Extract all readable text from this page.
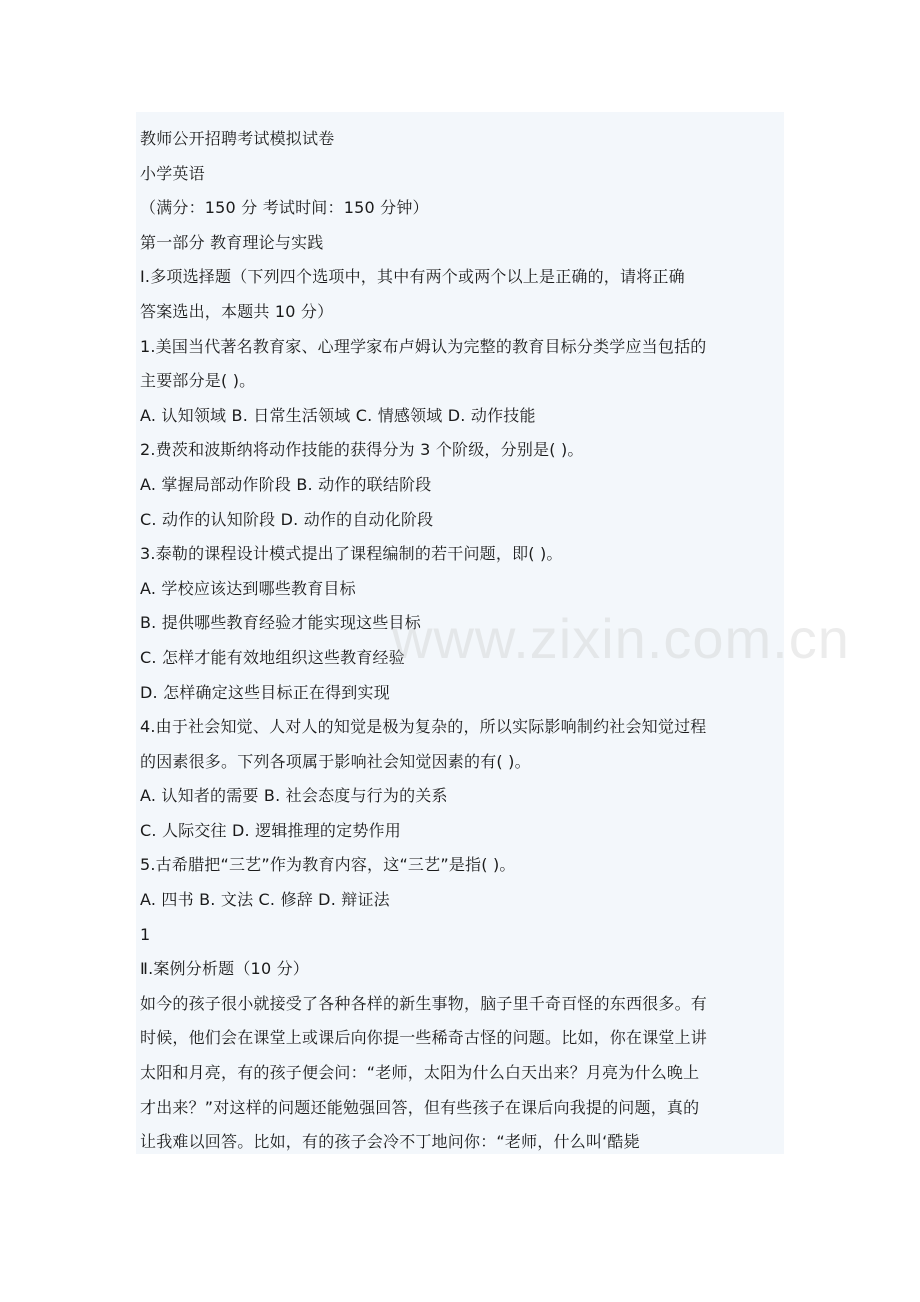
教师公开招聘考试模拟试卷
小学英语
（满分：150 分 考试时间：150 分钟）
第一部分 教育理论与实践
Ⅰ.多项选择题（下列四个选项中，其中有两个或两个以上是正确的，请将正确
答案选出，本题共 10 分）
1.美国当代著名教育家、心理学家布卢姆认为完整的教育目标分类学应当包括的
主要部分是( )。
A. 认知领域 B. 日常生活领域 C. 情感领域 D. 动作技能
2.费茨和波斯纳将动作技能的获得分为 3 个阶级，分别是( )。
A. 掌握局部动作阶段 B. 动作的联结阶段
C. 动作的认知阶段 D. 动作的自动化阶段
3.泰勒的课程设计模式提出了课程编制的若干问题，即( )。
A. 学校应该达到哪些教育目标
B. 提供哪些教育经验才能实现这些目标
C. 怎样才能有效地组织这些教育经验
D. 怎样确定这些目标正在得到实现
4.由于社会知觉、人对人的知觉是极为复杂的，所以实际影响制约社会知觉过程
的因素很多。下列各项属于影响社会知觉因素的有( )。
A. 认知者的需要 B. 社会态度与行为的关系
C. 人际交往 D. 逻辑推理的定势作用
5.古希腊把“三艺”作为教育内容，这“三艺”是指( )。
A. 四书 B. 文法 C. 修辞 D. 辩证法
1
Ⅱ.案例分析题（10 分）
如今的孩子很小就接受了各种各样的新生事物，脑子里千奇百怪的东西很多。有
时候，他们会在课堂上或课后向你提一些稀奇古怪的问题。比如，你在课堂上讲
太阳和月亮，有的孩子便会问：“老师，太阳为什么白天出来？月亮为什么晚上
才出来？”对这样的问题还能勉强回答，但有些孩子在课后向我提的问题，真的
让我难以回答。比如，有的孩子会冷不丁地问你：“老师，什么叫‘酷毙
www.zixin.com.cn
